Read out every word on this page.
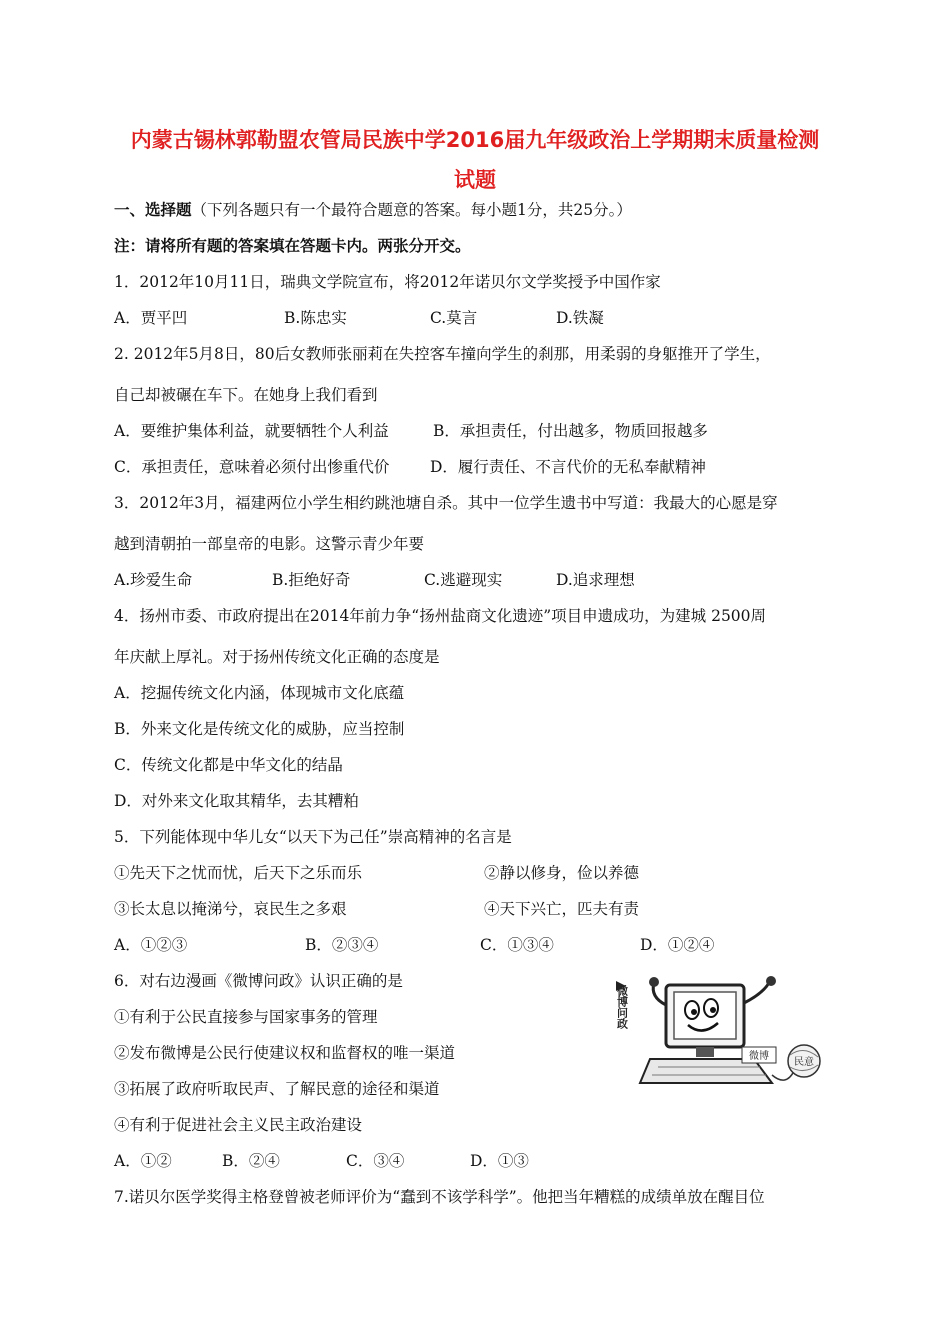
内蒙古锡林郭勒盟农管局民族中学2016届九年级政治上学期期末质量检测
试题
一、选择题（下列各题只有一个最符合题意的答案。每小题1分，共25分。）
注：请将所有题的答案填在答题卡内。两张分开交。
1．2012年10月11日，瑞典文学院宣布，将2012年诺贝尔文学奖授予中国作家
A．贾平凹	B.陈忠实	C.莫言	D.铁凝
2. 2012年5月8日，80后女教师张丽莉在失控客车撞向学生的刹那，用柔弱的身躯推开了学生，
自己却被碾在车下。在她身上我们看到
A．要维护集体利益，就要牺牲个人利益	B．承担责任，付出越多，物质回报越多
C．承担责任，意味着必须付出惨重代价	D．履行责任、不言代价的无私奉献精神
3．2012年3月，福建两位小学生相约跳池塘自杀。其中一位学生遗书中写道：我最大的心愿是穿
越到清朝拍一部皇帝的电影。这警示青少年要
A.珍爱生命	B.拒绝好奇	C.逃避现实	D.追求理想
4．扬州市委、市政府提出在2014年前力争“扬州盐商文化遗迹”项目申遗成功，为建城 2500周
年庆献上厚礼。对于扬州传统文化正确的态度是
A．挖掘传统文化内涵，体现城市文化底蕴
B．外来文化是传统文化的威胁，应当控制
C．传统文化都是中华文化的结晶
D．对外来文化取其精华，去其糟粕
5．下列能体现中华儿女“以天下为己任”崇高精神的名言是
①先天下之忧而忧，后天下之乐而乐	②静以修身，俭以养德
③长太息以掩涕兮，哀民生之多艰	④天下兴亡，匹夫有责
A．①②③	B．②③④	C．①③④	D．①②④
6．对右边漫画《微博问政》认识正确的是
①有利于公民直接参与国家事务的管理
②发布微博是公民行使建议权和监督权的唯一渠道
③拓展了政府听取民声、了解民意的途径和渠道
④有利于促进社会主义民主政治建设
A．①②	B．②④	C．③④	D．①③
微博问政
微博
民意
7.诺贝尔医学奖得主格登曾被老师评价为“蠢到不该学科学”。他把当年糟糕的成绩单放在醒目位
